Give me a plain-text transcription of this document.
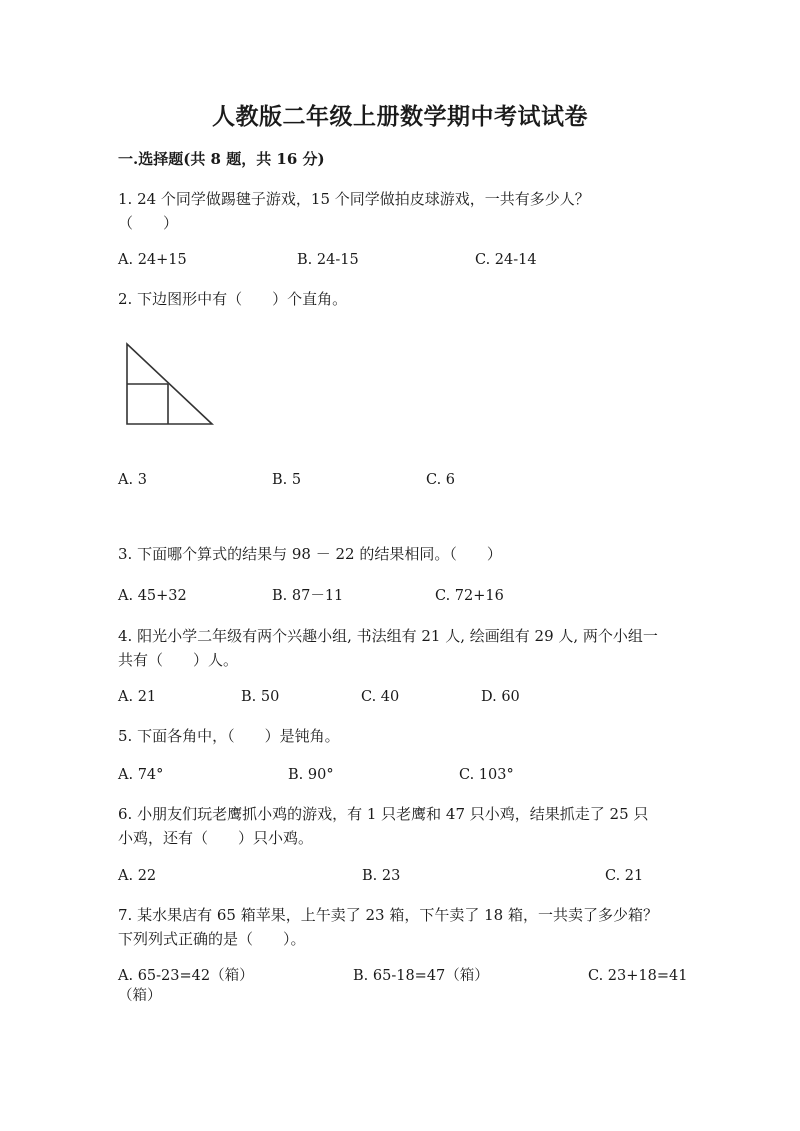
人教版二年级上册数学期中考试试卷
一.选择题(共 8 题，共 16 分)
1. 24 个同学做踢毽子游戏，15 个同学做拍皮球游戏，一共有多少人？
（　　）
A. 24+15	B. 24-15	C. 24-14
2. 下边图形中有（　　）个直角。
A. 3	B. 5	C. 6
3. 下面哪个算式的结果与 98 － 22 的结果相同。（　　）
A. 45+32	B. 87－11	C. 72+16
4. 阳光小学二年级有两个兴趣小组, 书法组有 21 人, 绘画组有 29 人, 两个小组一
共有（　　）人。
A. 21	B. 50	C. 40	D. 60
5. 下面各角中，（　　）是钝角。
A. 74°	B. 90°	C. 103°
6. 小朋友们玩老鹰抓小鸡的游戏，有 1 只老鹰和 47 只小鸡，结果抓走了 25 只
小鸡，还有（　　）只小鸡。
A. 22	B. 23	C. 21
7. 某水果店有 65 箱苹果，上午卖了 23 箱，下午卖了 18 箱，一共卖了多少箱？
下列列式正确的是（　　）。
A. 65-23=42（箱）	B. 65-18=47（箱）	C. 23+18=41
（箱）
